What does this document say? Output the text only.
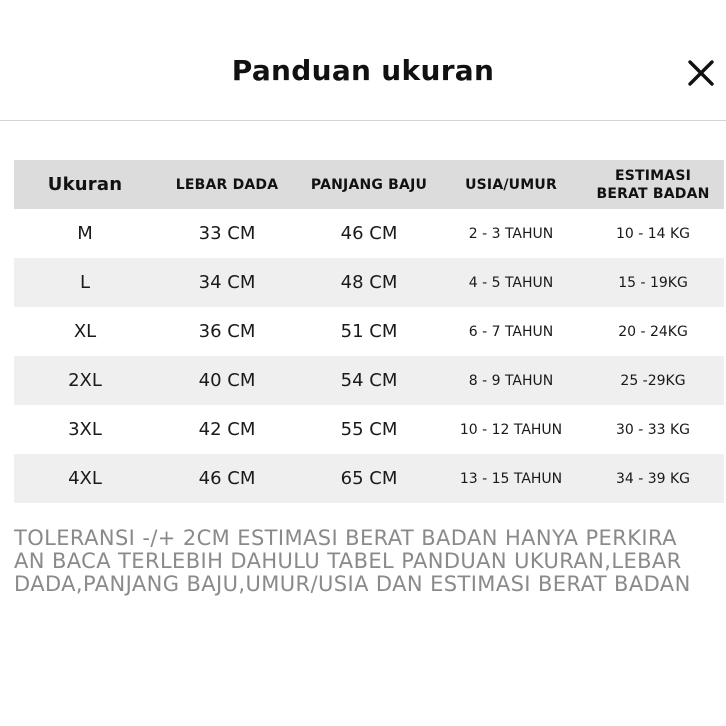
Panduan ukuran
Ukuran	LEBAR DADA	PANJANG BAJU	USIA/UMUR	ESTIMASI
BERAT BADAN
M	33 CM	46 CM	2 - 3 TAHUN	10 - 14 KG
L	34 CM	48 CM	4 - 5 TAHUN	15 - 19KG
XL	36 CM	51 CM	6 - 7 TAHUN	20 - 24KG
2XL	40 CM	54 CM	8 - 9 TAHUN	25 -29KG
3XL	42 CM	55 CM	10 - 12 TAHUN	30 - 33 KG
4XL	46 CM	65 CM	13 - 15 TAHUN	34 - 39 KG
TOLERANSI -/+ 2CM ESTIMASI BERAT BADAN HANYA PERKIRA
AN BACA TERLEBIH DAHULU TABEL PANDUAN UKURAN,LEBAR
DADA,PANJANG BAJU,UMUR/USIA DAN ESTIMASI BERAT BADAN
